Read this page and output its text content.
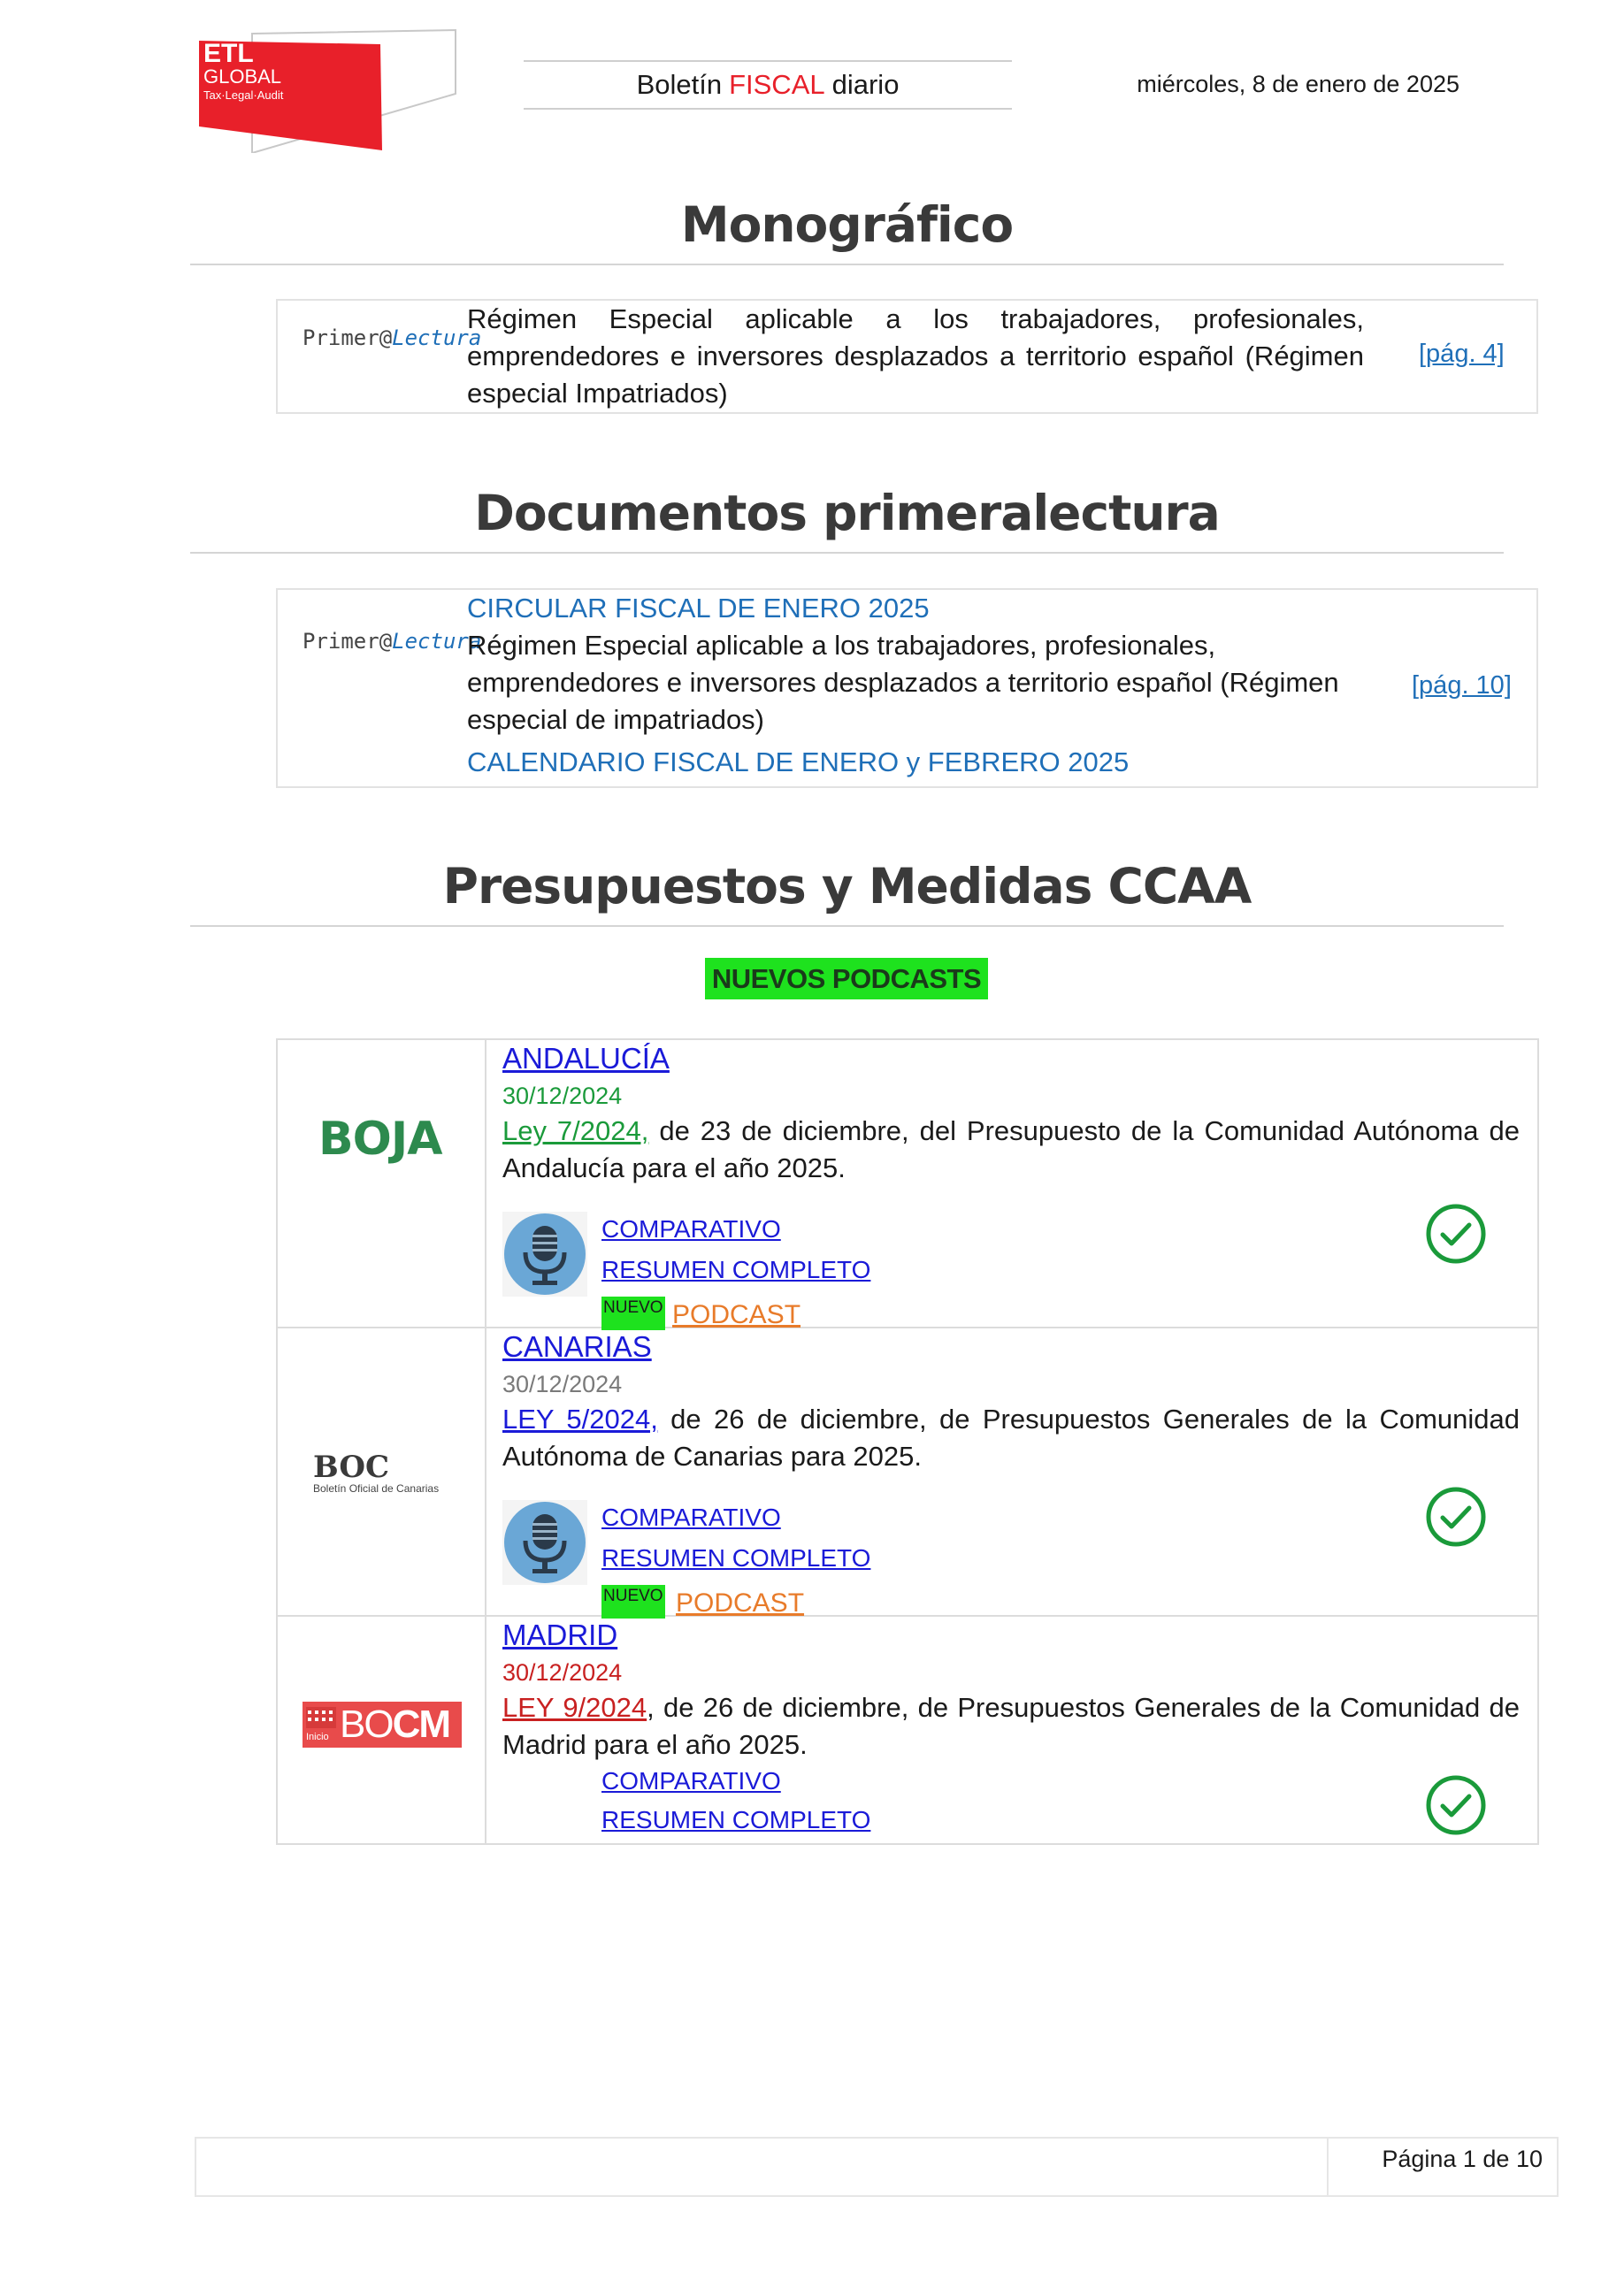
ETL
GLOBAL
Tax·Legal·Audit	Boletín FISCAL diario	miércoles, 8 de enero de 2025
Monográfico
Primer@Lectura
Régimen Especial aplicable a los trabajadores, profesionales, emprendedores e inversores desplazados a territorio español (Régimen especial Impatriados)
[pág. 4]
Documentos primeralectura
Primer@Lectura
CIRCULAR FISCAL DE ENERO 2025
Régimen Especial aplicable a los trabajadores, profesionales, emprendedores e inversores desplazados a territorio español (Régimen especial de impatriados)
[pág. 10]
CALENDARIO FISCAL DE ENERO y FEBRERO 2025
Presupuestos y Medidas CCAA
NUEVOS PODCASTS
BOJA
ANDALUCÍA
30/12/2024
Ley 7/2024, de 23 de diciembre, del Presupuesto de la Comunidad Autónoma de Andalucía para el año 2025.
COMPARATIVO
RESUMEN COMPLETO
NUEVO PODCAST
BOC
Boletín Oficial de Canarias
CANARIAS
30/12/2024
LEY 5/2024, de 26 de diciembre, de Presupuestos Generales de la Comunidad Autónoma de Canarias para 2025.
COMPARATIVO
RESUMEN COMPLETO
NUEVO PODCAST
Inicio BOCM
MADRID
30/12/2024
LEY 9/2024, de 26 de diciembre, de Presupuestos Generales de la Comunidad de Madrid para el año 2025.
COMPARATIVO
RESUMEN COMPLETO
Página 1 de 10
